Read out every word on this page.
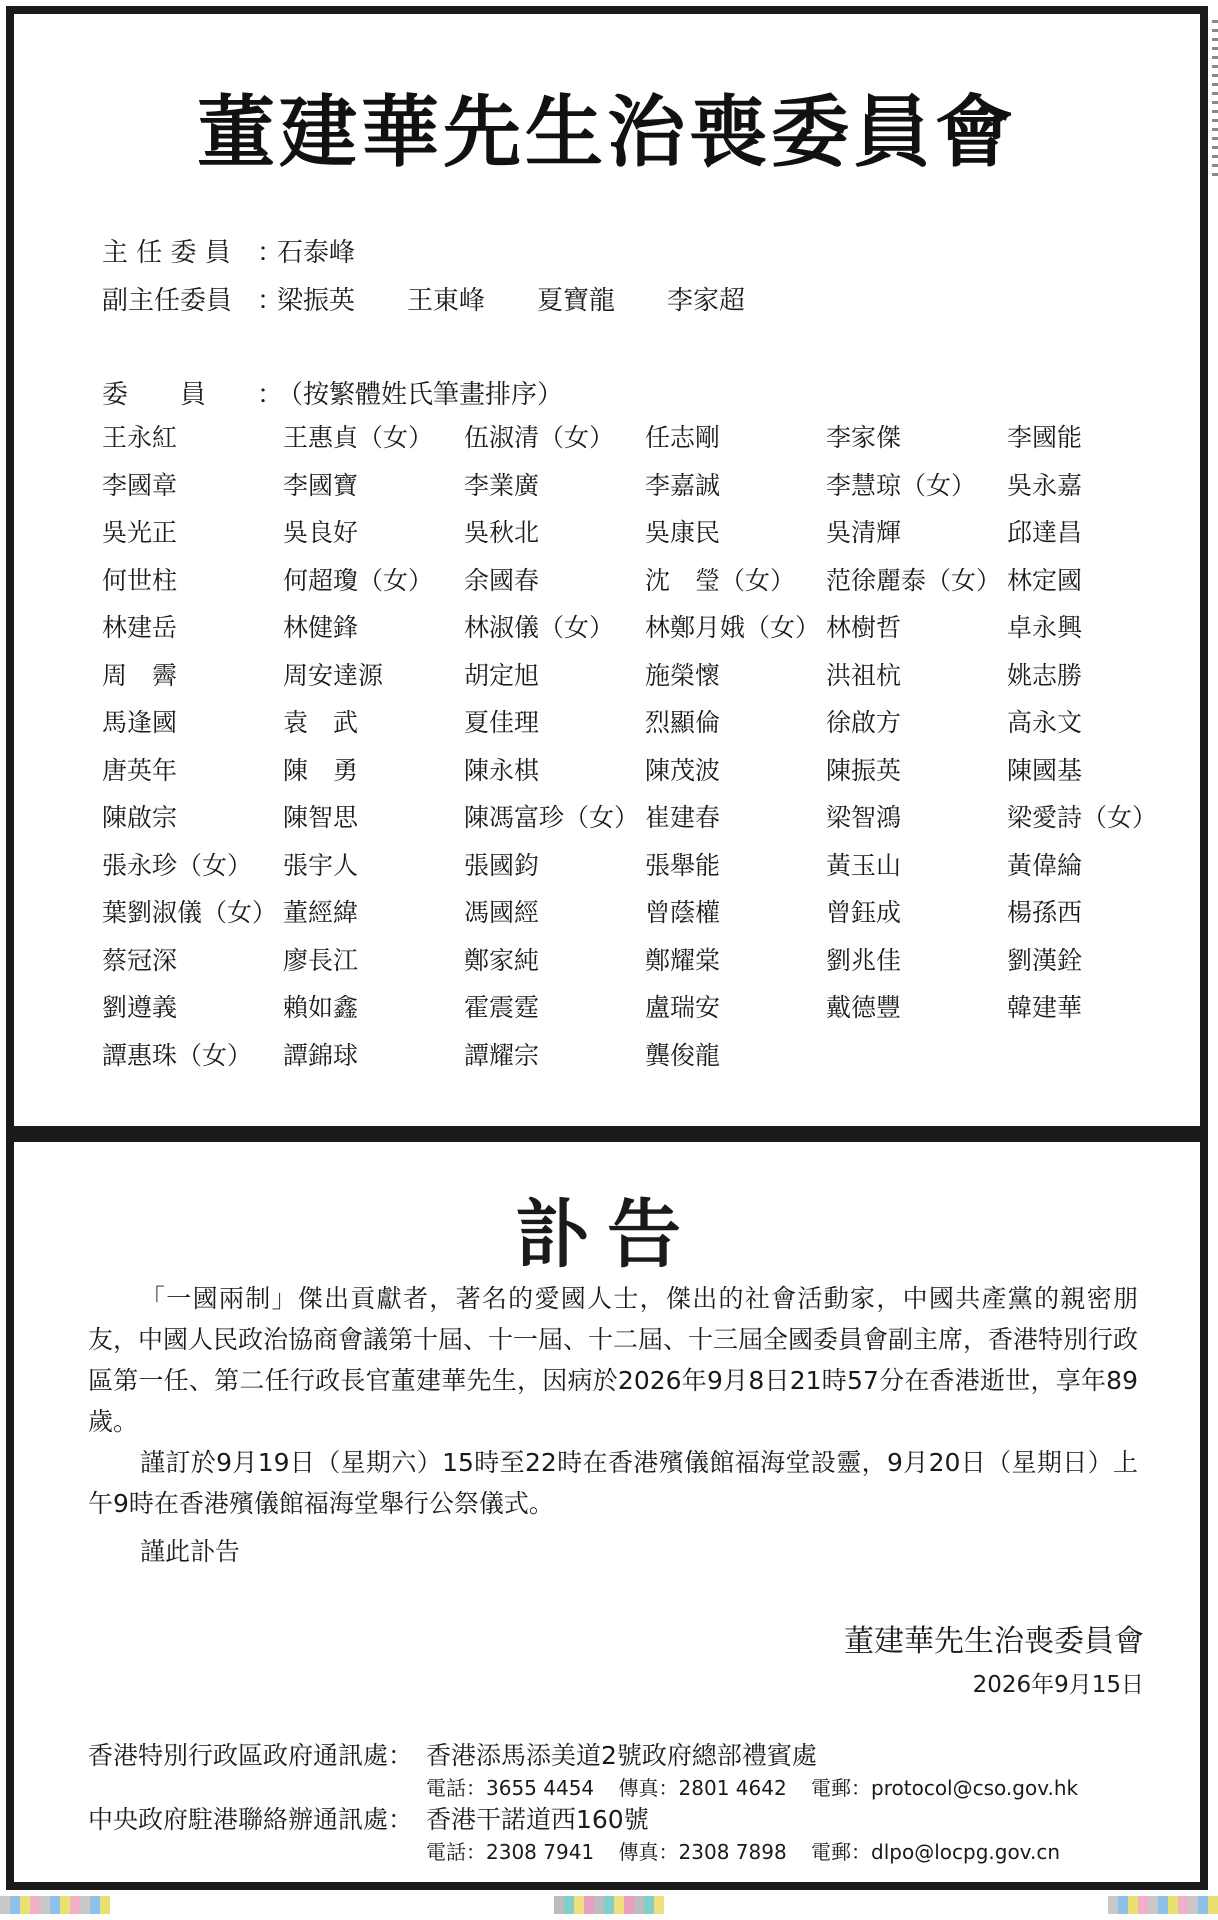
董建華先生治喪委員會
主 任 委 員 ：石泰峰
副主任委員 ：梁振英 王東峰 夏寶龍 李家超
委　　員 ：（按繁體姓氏筆畫排序）
王永紅	王惠貞（女）	伍淑清（女）	任志剛	李家傑	李國能
李國章	李國寶	李業廣	李嘉誠	李慧琼（女）	吳永嘉
吳光正	吳良好	吳秋北	吳康民	吳清輝	邱達昌
何世柱	何超瓊（女）	余國春	沈　瑩（女）	范徐麗泰（女） 林定國
林建岳	林健鋒	林淑儀（女）	林鄭月娥（女） 林樹哲	卓永興
周　霽	周安達源	胡定旭	施榮懷	洪祖杭	姚志勝
馬逢國	袁　武	夏佳理	烈顯倫	徐啟方	高永文
唐英年	陳　勇	陳永棋	陳茂波	陳振英	陳國基
陳啟宗	陳智思	陳馮富珍（女） 崔建春	梁智鴻	梁愛詩（女）
張永珍（女）	張宇人	張國鈞	張舉能	黃玉山	黃偉綸
葉劉淑儀（女） 董經緯	馮國經	曾蔭權	曾鈺成	楊孫西
蔡冠深	廖長江	鄭家純	鄭耀棠	劉兆佳	劉漢銓
劉遵義	賴如鑫	霍震霆	盧瑞安	戴德豐	韓建華
譚惠珠（女）	譚錦球	譚耀宗	龔俊龍
訃告
「一國兩制」傑出貢獻者，著名的愛國人士，傑出的社會活動家，中國共產黨的親密朋友，中國人民政治協商會議第十屆、十一屆、十二屆、十三屆全國委員會副主席，香港特別行政區第一任、第二任行政長官董建華先生，因病於2026年9月8日21時57分在香港逝世，享年89歲。
謹訂於9月19日（星期六）15時至22時在香港殯儀館福海堂設靈，9月20日（星期日）上午9時在香港殯儀館福海堂舉行公祭儀式。
謹此訃告
董建華先生治喪委員會
2026年9月15日
香港特別行政區政府通訊處： 香港添馬添美道2號政府總部禮賓處
電話：3655 4454 傳真：2801 4642 電郵：protocol@cso.gov.hk
中央政府駐港聯絡辦通訊處： 香港干諾道西160號
電話：2308 7941 傳真：2308 7898 電郵：dlpo@locpg.gov.cn
